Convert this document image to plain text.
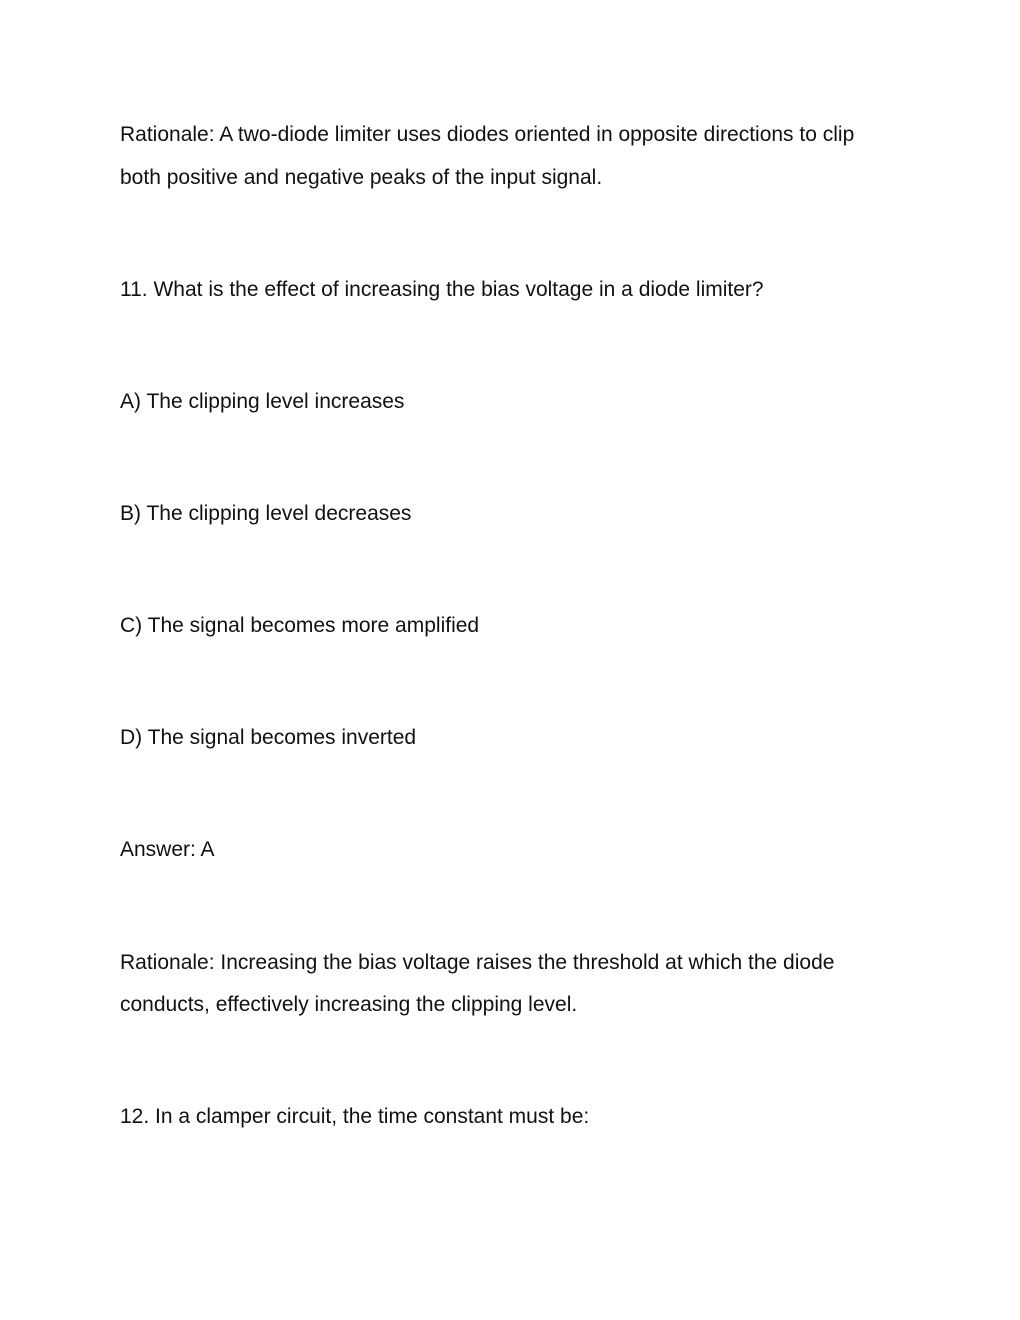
Rationale: A two-diode limiter uses diodes oriented in opposite directions to clip
both positive and negative peaks of the input signal.
11. What is the effect of increasing the bias voltage in a diode limiter?
A) The clipping level increases
B) The clipping level decreases
C) The signal becomes more amplified
D) The signal becomes inverted
Answer: A
Rationale: Increasing the bias voltage raises the threshold at which the diode
conducts, effectively increasing the clipping level.
12. In a clamper circuit, the time constant must be:
